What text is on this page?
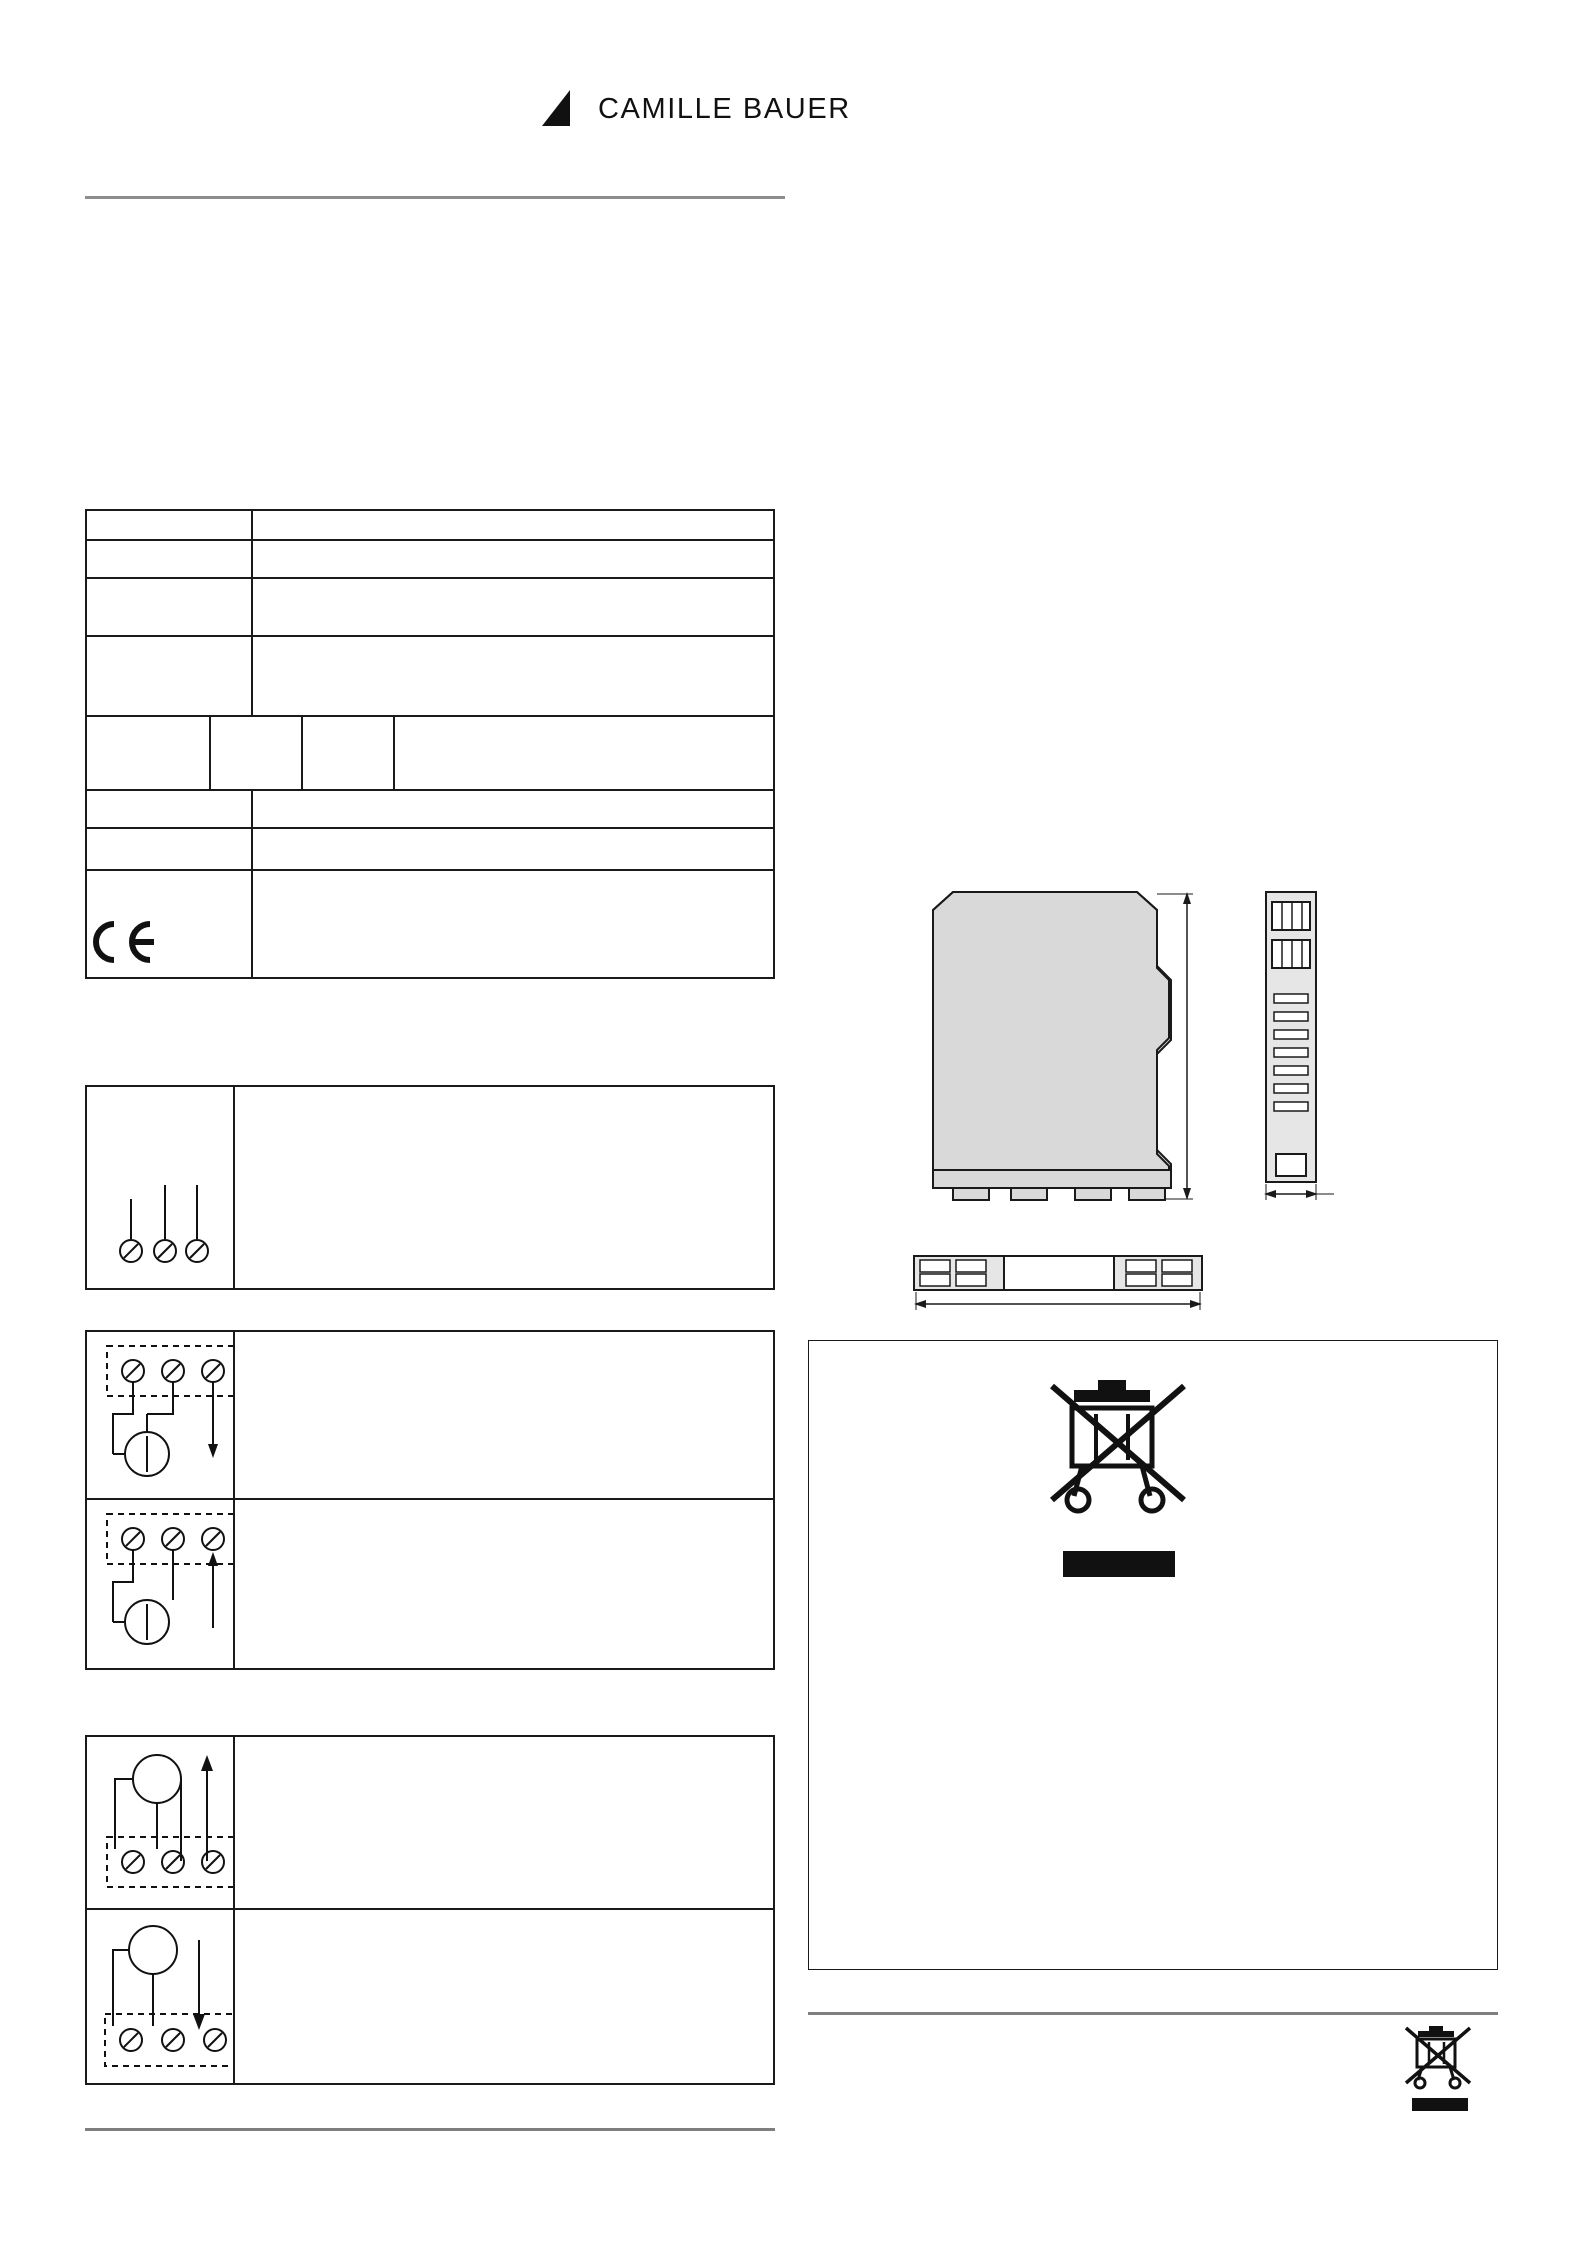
CAMILLE BAUER
